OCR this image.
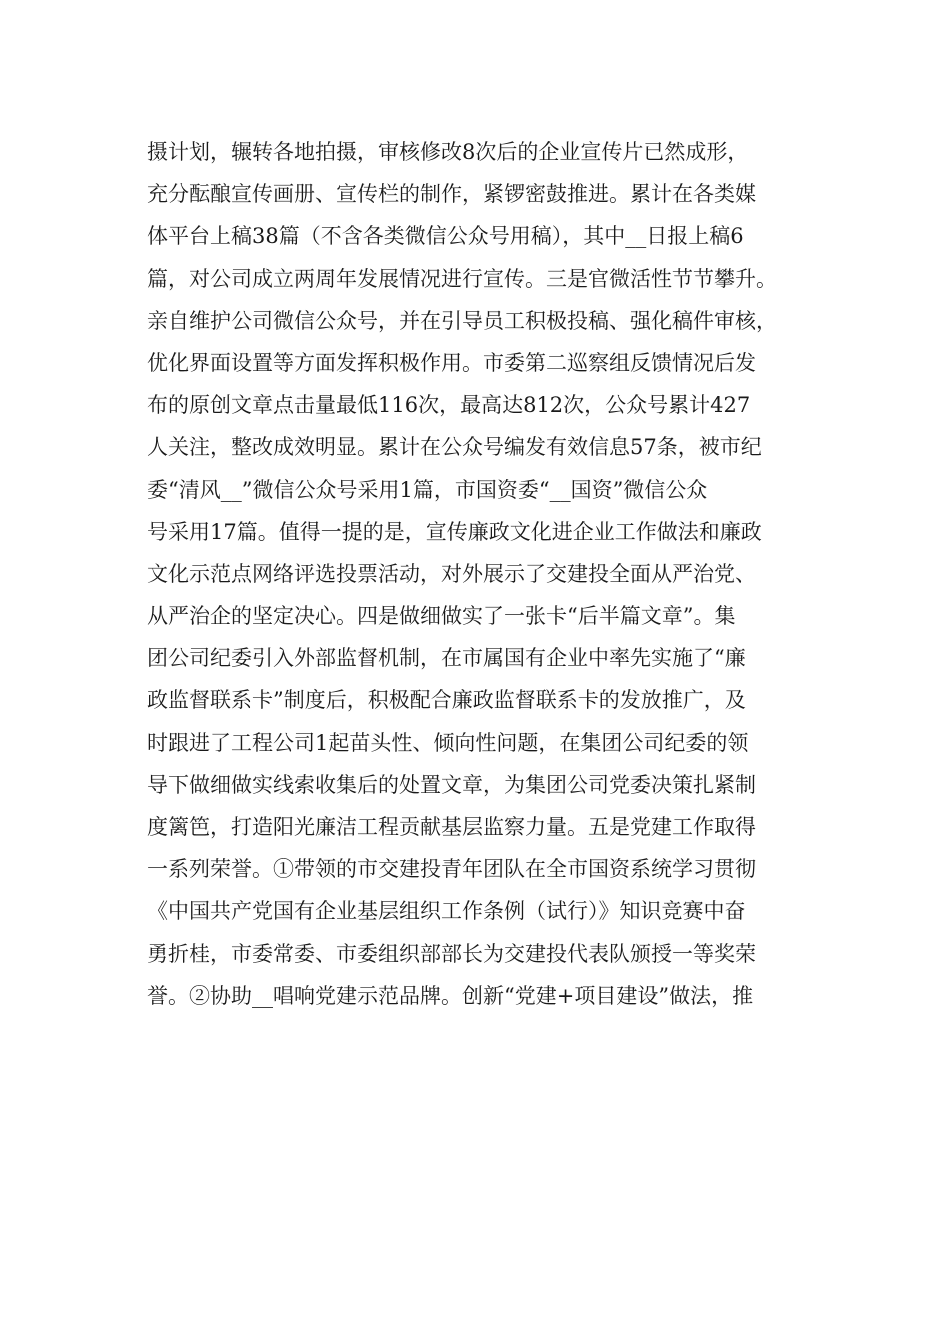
摄计划，辗转各地拍摄，审核修改8次后的企业宣传片已然成形，
充分酝酿宣传画册、宣传栏的制作，紧锣密鼓推进。累计在各类媒
体平台上稿38篇（不含各类微信公众号用稿），其中__日报上稿6
篇，对公司成立两周年发展情况进行宣传。三是官微活性节节攀升。
亲自维护公司微信公众号，并在引导员工积极投稿、强化稿件审核，
优化界面设置等方面发挥积极作用。市委第二巡察组反馈情况后发
布的原创文章点击量最低116次，最高达812次，公众号累计427
人关注，整改成效明显。累计在公众号编发有效信息57条，被市纪
委“清风__”微信公众号采用1篇，市国资委“__国资”微信公众
号采用17篇。值得一提的是，宣传廉政文化进企业工作做法和廉政
文化示范点网络评选投票活动，对外展示了交建投全面从严治党、
从严治企的坚定决心。四是做细做实了一张卡“后半篇文章”。集
团公司纪委引入外部监督机制，在市属国有企业中率先实施了“廉
政监督联系卡”制度后，积极配合廉政监督联系卡的发放推广，及
时跟进了工程公司1起苗头性、倾向性问题，在集团公司纪委的领
导下做细做实线索收集后的处置文章，为集团公司党委决策扎紧制
度篱笆，打造阳光廉洁工程贡献基层监察力量。五是党建工作取得
一系列荣誉。①带领的市交建投青年团队在全市国资系统学习贯彻
《中国共产党国有企业基层组织工作条例（试行）》知识竞赛中奋
勇折桂，市委常委、市委组织部部长为交建投代表队颁授一等奖荣
誉。②协助__唱响党建示范品牌。创新“党建+项目建设”做法，推
